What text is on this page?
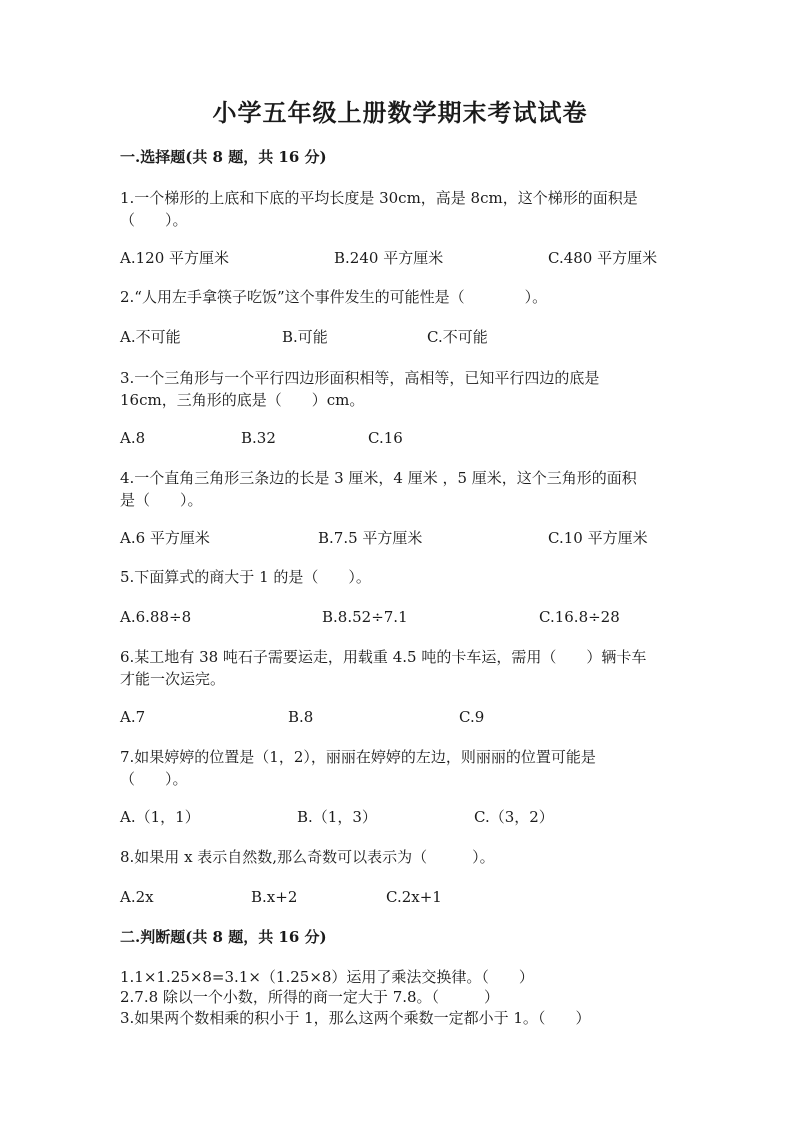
小学五年级上册数学期末考试试卷
一.选择题(共 8 题，共 16 分)
1.一个梯形的上底和下底的平均长度是 30cm，高是 8cm，这个梯形的面积是
（　　）。
A.120 平方厘米	B.240 平方厘米	C.480 平方厘米
2.“人用左手拿筷子吃饭”这个事件发生的可能性是（　　　　）。
A.不可能	B.可能	C.不可能
3.一个三角形与一个平行四边形面积相等，高相等，已知平行四边的底是
16cm，三角形的底是（　　）cm。
A.8	B.32	C.16
4.一个直角三角形三条边的长是 3 厘米，4 厘米 ，5 厘米，这个三角形的面积
是（　　）。
A.6 平方厘米	B.7.5 平方厘米	C.10 平方厘米
5.下面算式的商大于 1 的是（　　）。
A.6.88÷8	B.8.52÷7.1	C.16.8÷28
6.某工地有 38 吨石子需要运走，用载重 4.5 吨的卡车运，需用（　　）辆卡车
才能一次运完。
A.7	B.8	C.9
7.如果婷婷的位置是（1，2），丽丽在婷婷的左边，则丽丽的位置可能是
（　　）。
A.（1，1）	B.（1，3）	C.（3，2）
8.如果用 x 表示自然数,那么奇数可以表示为（　　　）。
A.2x	B.x+2	C.2x+1
二.判断题(共 8 题，共 16 分)
1.1×1.25×8=3.1×（1.25×8）运用了乘法交换律。（　　）
2.7.8 除以一个小数，所得的商一定大于 7.8。（　　　）
3.如果两个数相乘的积小于 1，那么这两个乘数一定都小于 1。（　　）
